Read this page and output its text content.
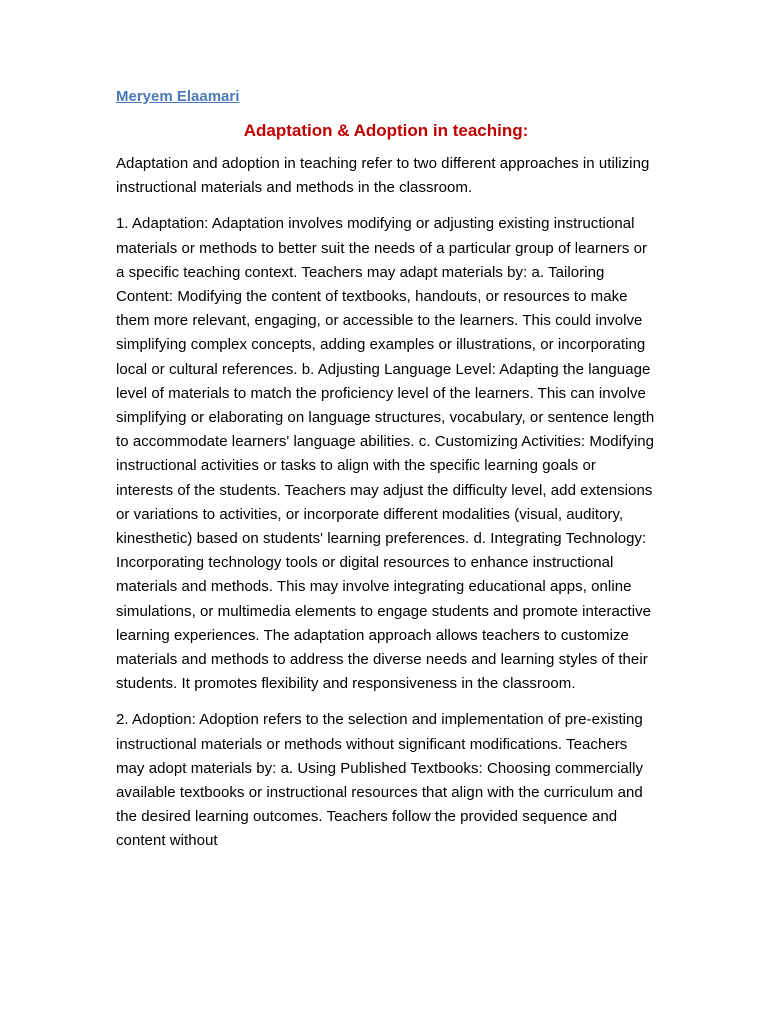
Meryem Elaamari
Adaptation & Adoption in teaching:

Adaptation and adoption in teaching refer to two different approaches in utilizing instructional materials and methods in the classroom.

1. Adaptation: Adaptation involves modifying or adjusting existing instructional materials or methods to better suit the needs of a particular group of learners or a specific teaching context. Teachers may adapt materials by: a. Tailoring Content: Modifying the content of textbooks, handouts, or resources to make them more relevant, engaging, or accessible to the learners. This could involve simplifying complex concepts, adding examples or illustrations, or incorporating local or cultural references. b. Adjusting Language Level: Adapting the language level of materials to match the proficiency level of the learners. This can involve simplifying or elaborating on language structures, vocabulary, or sentence length to accommodate learners' language abilities. c. Customizing Activities: Modifying instructional activities or tasks to align with the specific learning goals or interests of the students. Teachers may adjust the difficulty level, add extensions or variations to activities, or incorporate different modalities (visual, auditory, kinesthetic) based on students' learning preferences. d. Integrating Technology: Incorporating technology tools or digital resources to enhance instructional materials and methods. This may involve integrating educational apps, online simulations, or multimedia elements to engage students and promote interactive learning experiences. The adaptation approach allows teachers to customize materials and methods to address the diverse needs and learning styles of their students. It promotes flexibility and responsiveness in the classroom.

2. Adoption: Adoption refers to the selection and implementation of pre-existing instructional materials or methods without significant modifications. Teachers may adopt materials by: a. Using Published Textbooks: Choosing commercially available textbooks or instructional resources that align with the curriculum and the desired learning outcomes. Teachers follow the provided sequence and content without
